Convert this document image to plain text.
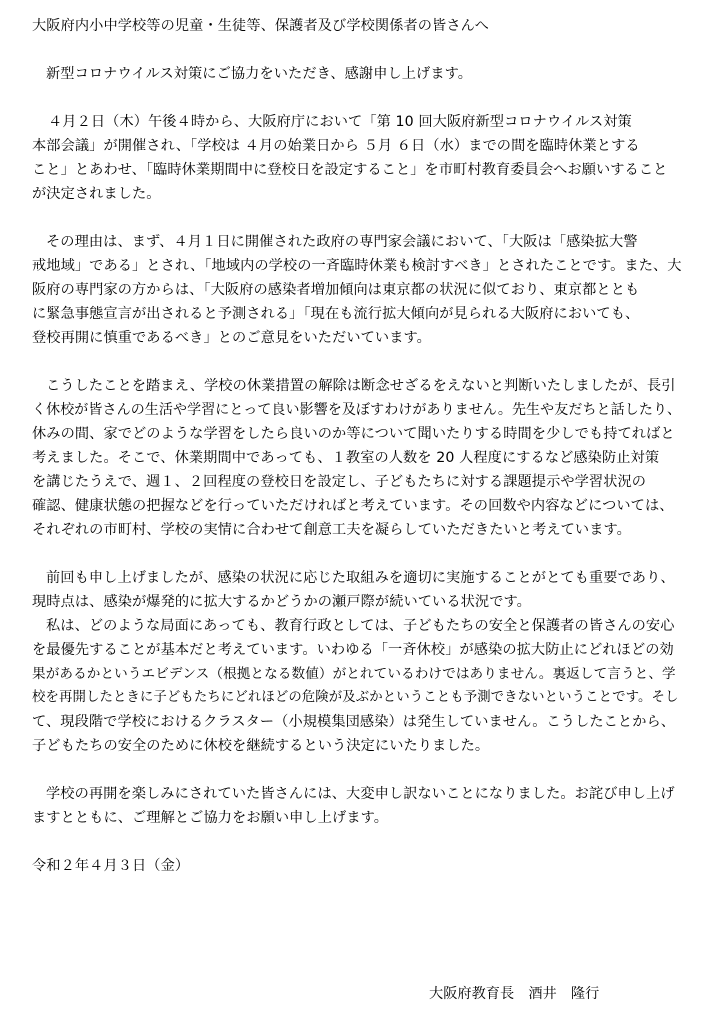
大阪府内小中学校等の児童・生徒等、保護者及び学校関係者の皆さんへ
新型コロナウイルス対策にご協力をいただき、感謝申し上げます。
４月２日（木）午後４時から、大阪府庁において「第 10 回大阪府新型コロナウイルス対策
本部会議」が開催され、「学校は ４月の始業日から ５月 ６日（水）までの間を臨時休業とする
こと」とあわせ、「臨時休業期間中に登校日を設定すること」を市町村教育委員会へお願いすること
が決定されました。
その理由は、まず、４月１日に開催された政府の専門家会議において、「大阪は「感染拡大警
戒地域」である」とされ、「地域内の学校の一斉臨時休業も検討すべき」とされたことです。また、大
阪府の専門家の方からは、「大阪府の感染者増加傾向は東京都の状況に似ており、東京都ととも
に緊急事態宣言が出されると予測される」「現在も流行拡大傾向が見られる大阪府においても、
登校再開に慎重であるべき」とのご意見をいただいています。
こうしたことを踏まえ、学校の休業措置の解除は断念せざるをえないと判断いたしましたが、長引
く休校が皆さんの生活や学習にとって良い影響を及ぼすわけがありません。先生や友だちと話したり、
休みの間、家でどのような学習をしたら良いのか等について聞いたりする時間を少しでも持てればと
考えました。そこで、休業期間中であっても、１教室の人数を 20 人程度にするなど感染防止対策
を講じたうえで、週１、２回程度の登校日を設定し、子どもたちに対する課題提示や学習状況の
確認、健康状態の把握などを行っていただければと考えています。その回数や内容などについては、
それぞれの市町村、学校の実情に合わせて創意工夫を凝らしていただきたいと考えています。
前回も申し上げましたが、感染の状況に応じた取組みを適切に実施することがとても重要であり、
現時点は、感染が爆発的に拡大するかどうかの瀬戸際が続いている状況です。
私は、どのような局面にあっても、教育行政としては、子どもたちの安全と保護者の皆さんの安心
を最優先することが基本だと考えています。いわゆる「一斉休校」が感染の拡大防止にどれほどの効
果があるかというエビデンス（根拠となる数値）がとれているわけではありません。裏返して言うと、学
校を再開したときに子どもたちにどれほどの危険が及ぶかということも予測できないということです。そし
て、現段階で学校におけるクラスター（小規模集団感染）は発生していません。こうしたことから、
子どもたちの安全のために休校を継続するという決定にいたりました。
学校の再開を楽しみにされていた皆さんには、大変申し訳ないことになりました。お詫び申し上げ
ますとともに、ご理解とご協力をお願い申し上げます。
令和２年４月３日（金）
大阪府教育長　酒井　隆行
